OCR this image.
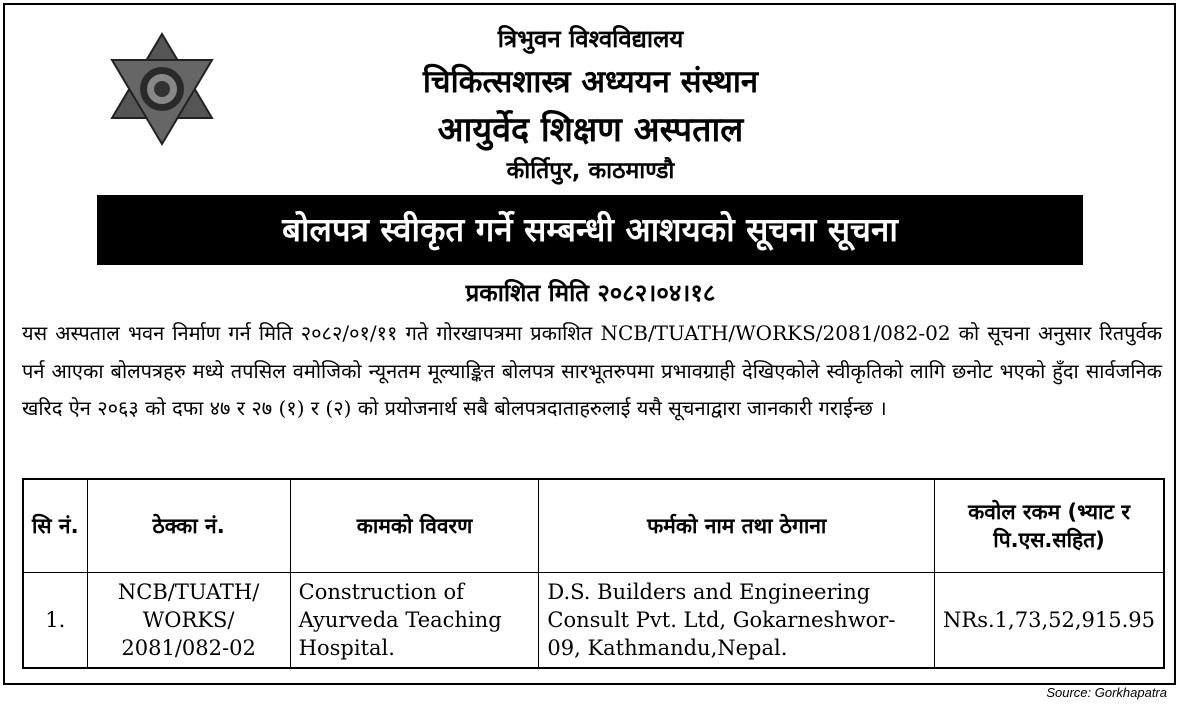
त्रिभुवन विश्वविद्यालय
चिकित्सशास्त्र अध्ययन संस्थान
आयुर्वेद शिक्षण अस्पताल
कीर्तिपुर, काठमाण्डौ
बोलपत्र स्वीकृत गर्ने सम्बन्धी आशयको सूचना सूचना
प्रकाशित मिति २०८२।०४।१८
यस अस्पताल भवन निर्माण गर्न मिति २०८२/०१/११ गते गोरखापत्रमा प्रकाशित NCB/TUATH/WORKS/2081/082-02 को सूचना अनुसार रितपुर्वक पर्न आएका बोलपत्रहरु मध्ये तपसिल वमोजिको न्यूनतम मूल्याङ्कित बोलपत्र सारभूतरुपमा प्रभावग्राही देखिएकोले स्वीकृतिको लागि छनोट भएको हुँदा सार्वजनिक खरिद ऐन २०६३ को दफा ४७ र २७ (१) र (२) को प्रयोजनार्थ सबै बोलपत्रदाताहरुलाई यसै सूचनाद्वारा जानकारी गराईन्छ ।
सि नं.	ठेक्का नं.	कामको विवरण	फर्मको नाम तथा ठेगाना	कवोल रकम (भ्याट र पि.एस.सहित)
1.	NCB/TUATH/ WORKS/ 2081/082-02	Construction of Ayurveda Teaching Hospital.	D.S. Builders and Engineering Consult Pvt. Ltd, Gokarneshwor-09, Kathmandu,Nepal.	NRs.1,73,52,915.95
Source: Gorkhapatra
